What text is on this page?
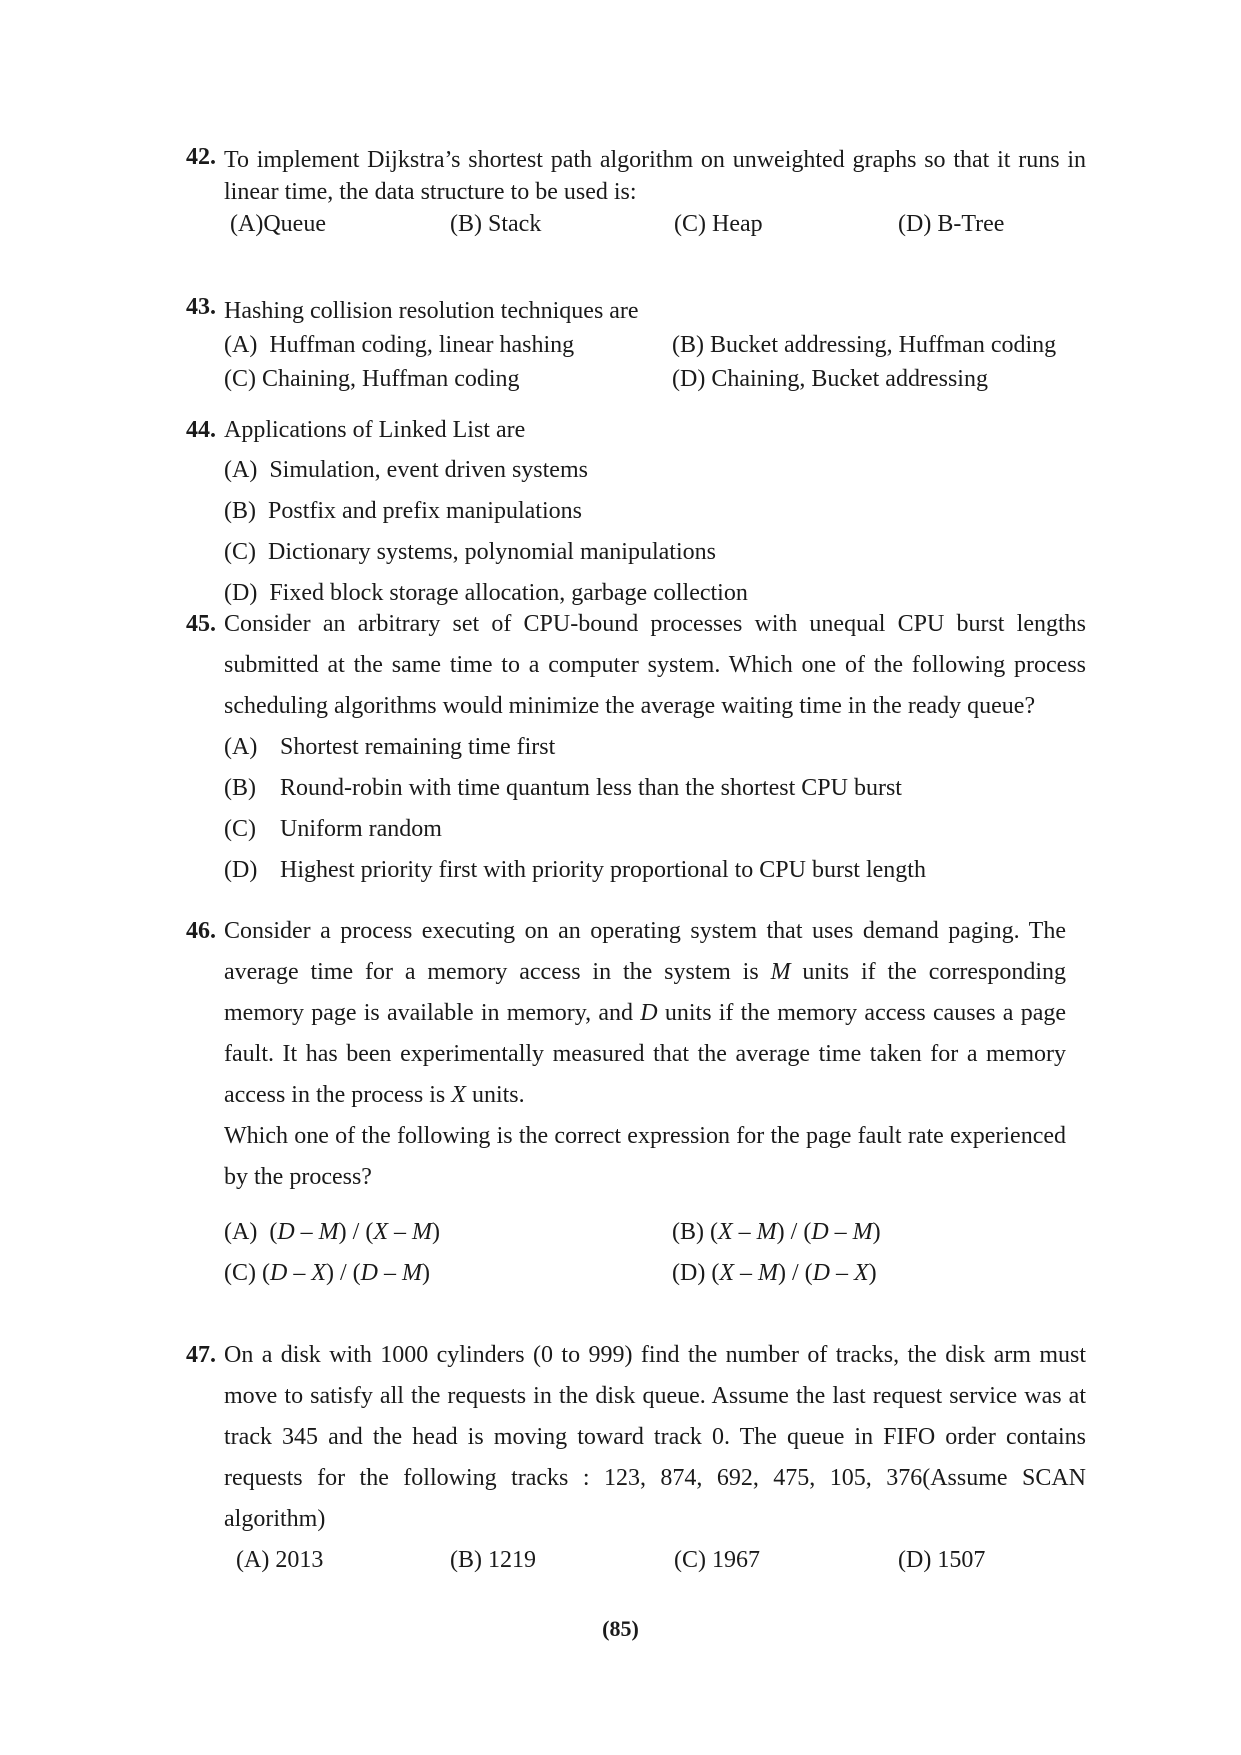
42. To implement Dijkstra’s shortest path algorithm on unweighted graphs so that it runs in linear time, the data structure to be used is:

(A)Queue	(B) Stack	(C) Heap	(D) B-Tree
43. Hashing collision resolution techniques are

(A) Huffman coding, linear hashing	(B) Bucket addressing, Huffman coding
(C) Chaining, Huffman coding	(D) Chaining, Bucket addressing
44. Applications of Linked List are

(A) Simulation, event driven systems
(B) Postfix and prefix manipulations
(C) Dictionary systems, polynomial manipulations
(D) Fixed block storage allocation, garbage collection
45. Consider an arbitrary set of CPU-bound processes with unequal CPU burst lengths submitted at the same time to a computer system. Which one of the following process scheduling algorithms would minimize the average waiting time in the ready queue?

(A) Shortest remaining time first
(B) Round-robin with time quantum less than the shortest CPU burst
(C) Uniform random
(D) Highest priority first with priority proportional to CPU burst length
46. Consider a process executing on an operating system that uses demand paging. The average time for a memory access in the system is M units if the corresponding memory page is available in memory, and D units if the memory access causes a page fault. It has been experimentally measured that the average time taken for a memory access in the process is X units.

Which one of the following is the correct expression for the page fault rate experienced by the process?

(A) (D – M) / (X – M)	(B) (X – M) / (D – M)
(C) (D – X) / (D – M)	(D) (X – M) / (D – X)
47. On a disk with 1000 cylinders (0 to 999) find the number of tracks, the disk arm must move to satisfy all the requests in the disk queue. Assume the last request service was at track 345 and the head is moving toward track 0. The queue in FIFO order contains requests for the following tracks : 123, 874, 692, 475, 105, 376(Assume SCAN algorithm)

(A) 2013	(B) 1219	(C) 1967	(D) 1507
(85)
